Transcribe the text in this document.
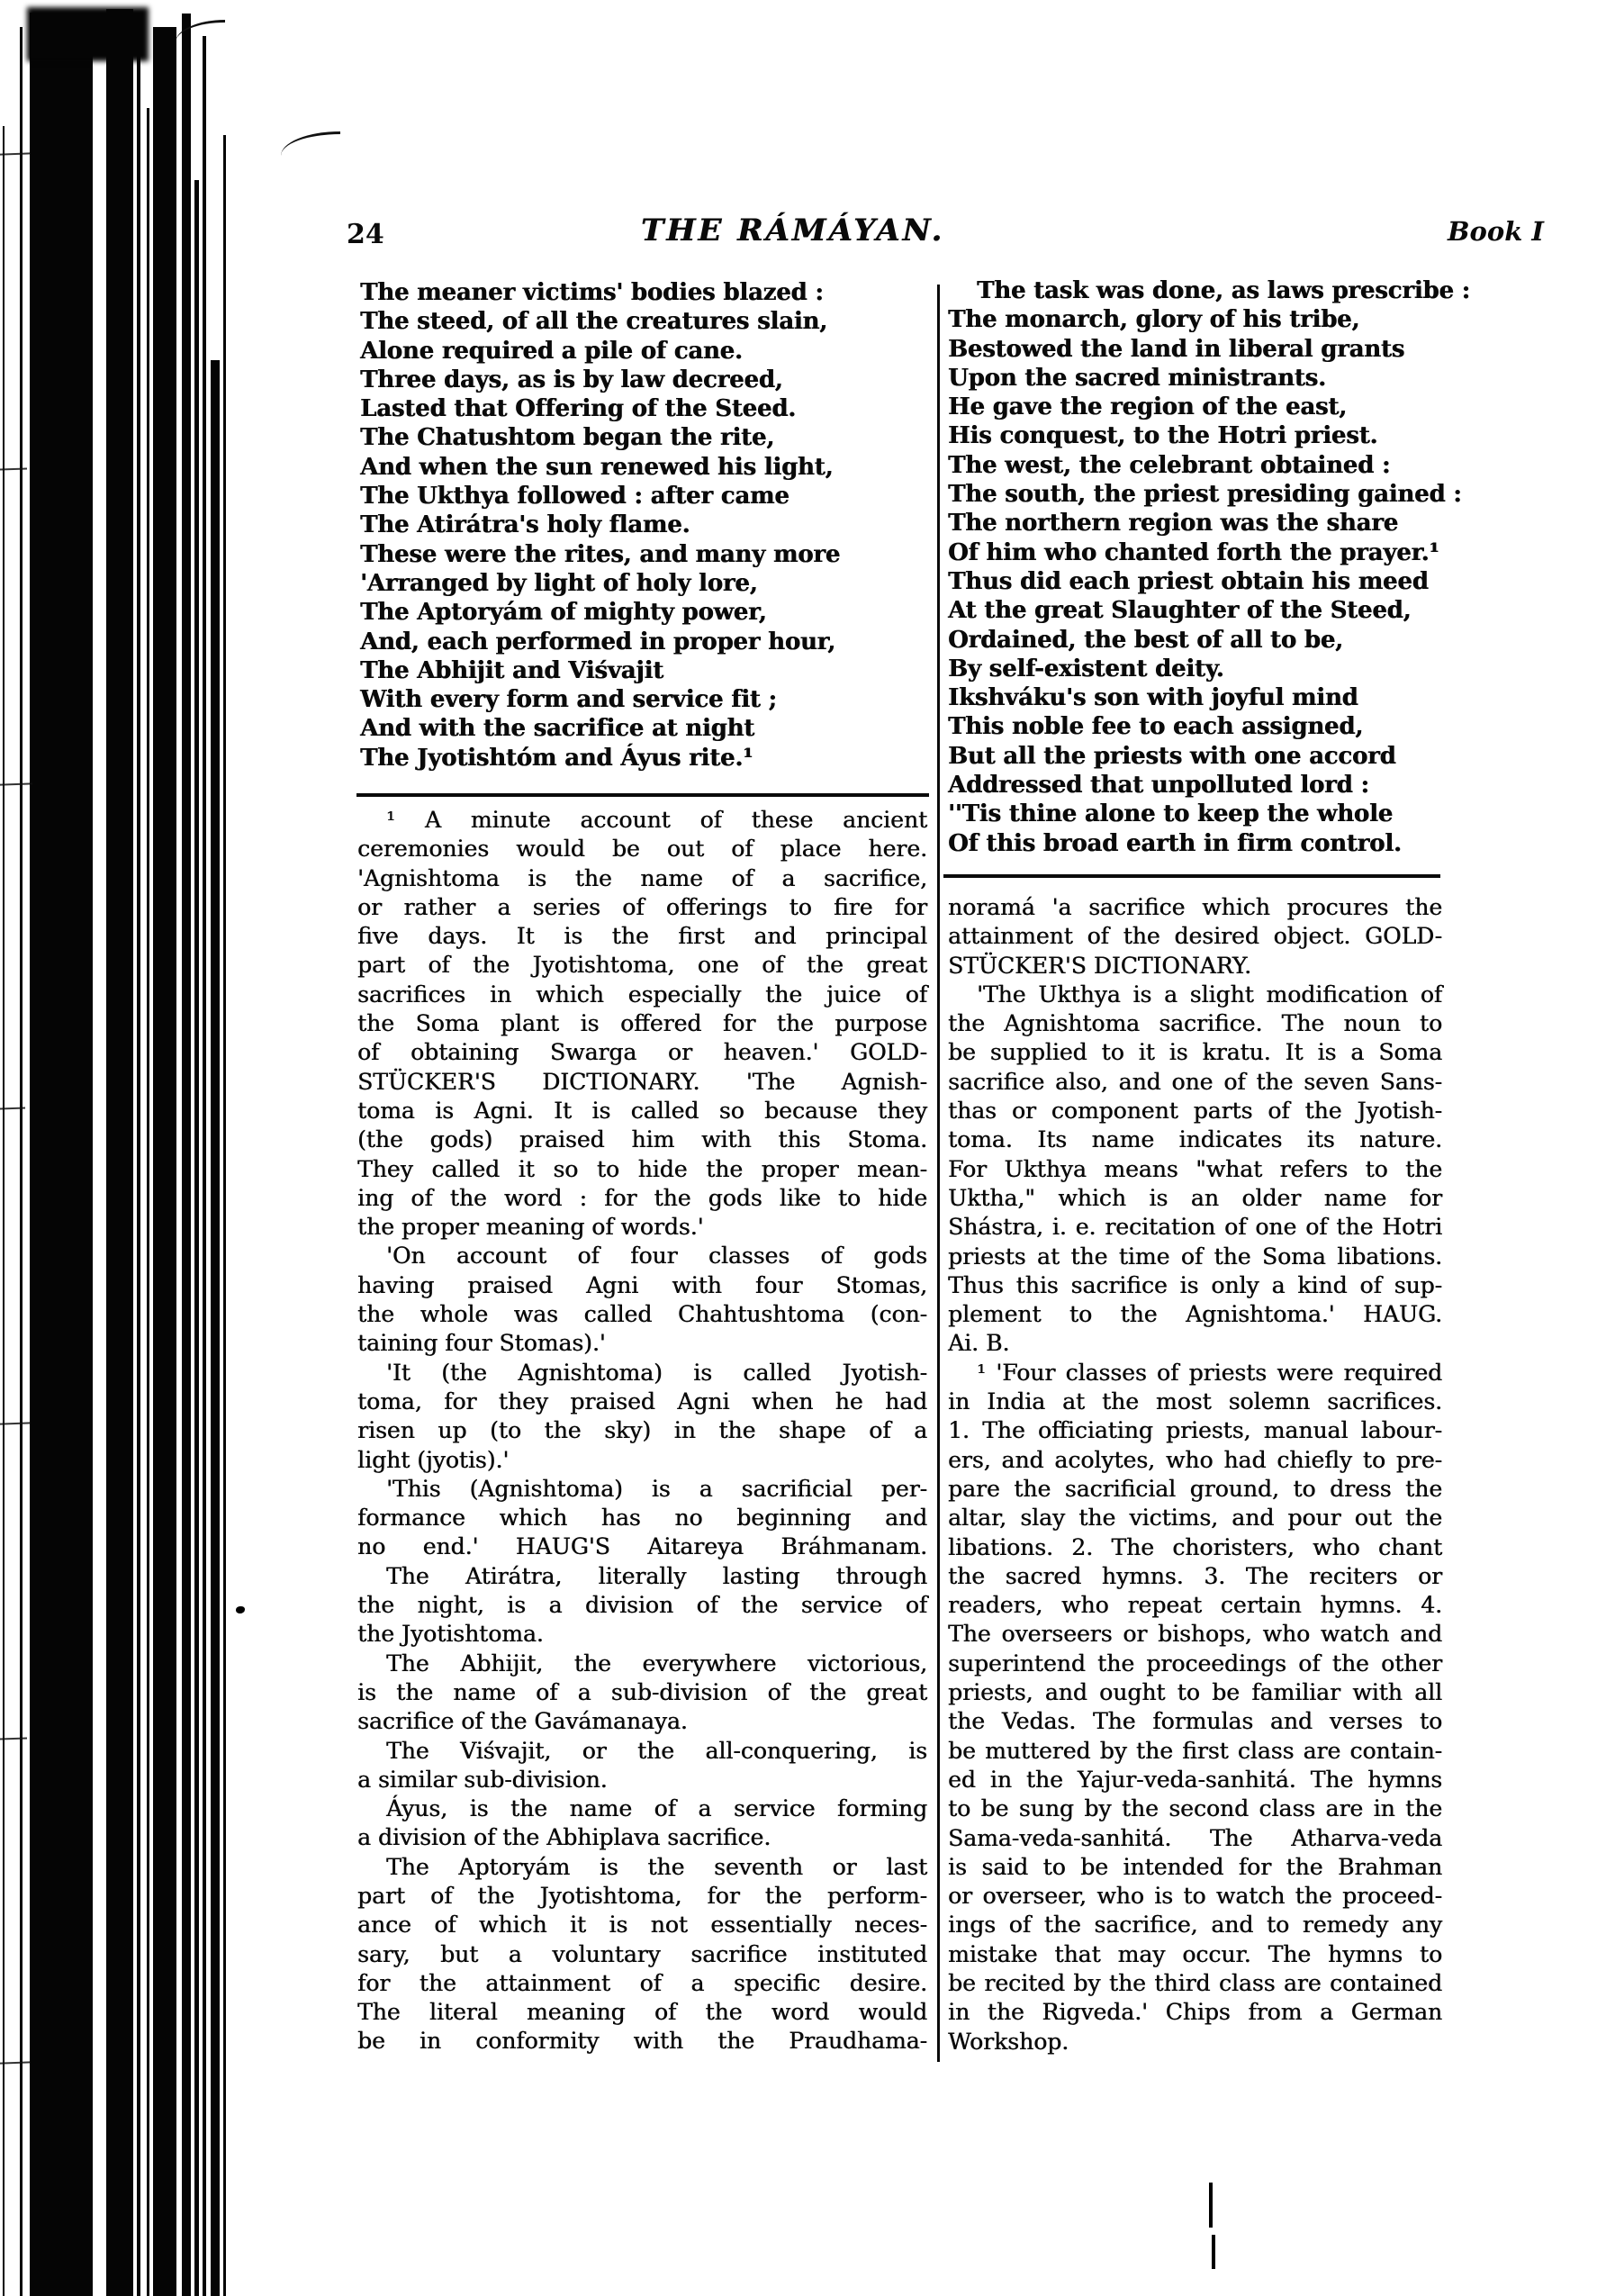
24	THE RÁMÁYAN.	Book I
The meaner victims' bodies blazed :
The steed, of all the creatures slain,
Alone required a pile of cane.
Three days, as is by law decreed,
Lasted that Offering of the Steed.
The Chatushtom began the rite,
And when the sun renewed his light,
The Ukthya followed : after came
The Atirátra's holy flame.
These were the rites, and many more
'Arranged by light of holy lore,
The Aptoryám of mighty power,
And, each performed in proper hour,
The Abhijit and Viśvajit
With every form and service fit ;
And with the sacrifice at night
The Jyotishtóm and Áyus rite.¹
The task was done, as laws prescribe :
The monarch, glory of his tribe,
Bestowed the land in liberal grants
Upon the sacred ministrants.
He gave the region of the east,
His conquest, to the Hotri priest.
The west, the celebrant obtained :
The south, the priest presiding gained :
The northern region was the share
Of him who chanted forth the prayer.¹
Thus did each priest obtain his meed
At the great Slaughter of the Steed,
Ordained, the best of all to be,
By self-existent deity.
Ikshváku's son with joyful mind
This noble fee to each assigned,
But all the priests with one accord
Addressed that unpolluted lord :
''Tis thine alone to keep the whole
Of this broad earth in firm control.
¹ A minute account of these ancient
ceremonies would be out of place here.
'Agnishtoma is the name of a sacrifice,
or rather a series of offerings to fire for
five days. It is the first and principal
part of the Jyotishtoma, one of the great
sacrifices in which especially the juice of
the Soma plant is offered for the purpose
of obtaining Swarga or heaven.' GOLD-
STÜCKER'S DICTIONARY. 'The Agnish-
toma is Agni. It is called so because they
(the gods) praised him with this Stoma.
They called it so to hide the proper mean-
ing of the word : for the gods like to hide
the proper meaning of words.'
'On account of four classes of gods
having praised Agni with four Stomas,
the whole was called Chahtushtoma (con-
taining four Stomas).'
'It (the Agnishtoma) is called Jyotish-
toma, for they praised Agni when he had
risen up (to the sky) in the shape of a
light (jyotis).'
'This (Agnishtoma) is a sacrificial per-
formance which has no beginning and
no end.' HAUG'S Aitareya Bráhmanam.
The Atirátra, literally lasting through
the night, is a division of the service of
the Jyotishtoma.
The Abhijit, the everywhere victorious,
is the name of a sub-division of the great
sacrifice of the Gavámanaya.
The Viśvajit, or the all-conquering, is
a similar sub-division.
Áyus, is the name of a service forming
a division of the Abhiplava sacrifice.
The Aptoryám is the seventh or last
part of the Jyotishtoma, for the perform-
ance of which it is not essentially neces-
sary, but a voluntary sacrifice instituted
for the attainment of a specific desire.
The literal meaning of the word would
be in conformity with the Praudhama-
noramá 'a sacrifice which procures the
attainment of the desired object. GOLD-
STÜCKER'S DICTIONARY.
'The Ukthya is a slight modification of
the Agnishtoma sacrifice. The noun to
be supplied to it is kratu. It is a Soma
sacrifice also, and one of the seven Sans-
thas or component parts of the Jyotish-
toma. Its name indicates its nature.
For Ukthya means "what refers to the
Uktha," which is an older name for
Shástra, i. e. recitation of one of the Hotri
priests at the time of the Soma libations.
Thus this sacrifice is only a kind of sup-
plement to the Agnishtoma.' HAUG.
Ai. B.
¹ 'Four classes of priests were required
in India at the most solemn sacrifices.
1. The officiating priests, manual labour-
ers, and acolytes, who had chiefly to pre-
pare the sacrificial ground, to dress the
altar, slay the victims, and pour out the
libations. 2. The choristers, who chant
the sacred hymns. 3. The reciters or
readers, who repeat certain hymns. 4.
The overseers or bishops, who watch and
superintend the proceedings of the other
priests, and ought to be familiar with all
the Vedas. The formulas and verses to
be muttered by the first class are contain-
ed in the Yajur-veda-sanhitá. The hymns
to be sung by the second class are in the
Sama-veda-sanhitá. The Atharva-veda
is said to be intended for the Brahman
or overseer, who is to watch the proceed-
ings of the sacrifice, and to remedy any
mistake that may occur. The hymns to
be recited by the third class are contained
in the Rigveda.' Chips from a German
Workshop.
